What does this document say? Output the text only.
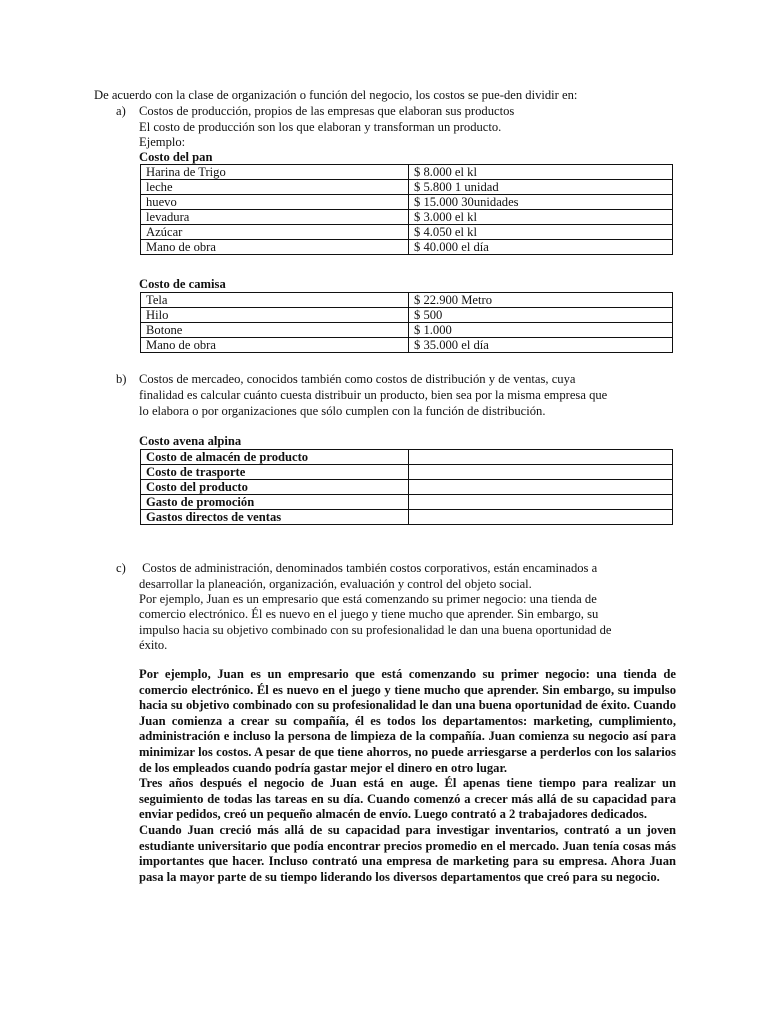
De acuerdo con la clase de organización o función del negocio, los costos se pue-den dividir en:
a)	Costos de producción, propios de las empresas que elaboran sus productos
El costo de producción son los que elaboran y transforman un producto.
Ejemplo:
Costo del pan
Harina de Trigo	$ 8.000 el kl
leche	$ 5.800 1 unidad
huevo	$ 15.000 30unidades
levadura	$ 3.000 el kl
Azúcar	$ 4.050 el kl
Mano de obra	$ 40.000 el día
Costo de camisa
Tela	$ 22.900 Metro
Hilo	$ 500
Botone	$ 1.000
Mano de obra	$ 35.000 el día
b) Costos de mercadeo, conocidos también como costos de distribución y de ventas, cuya
finalidad es calcular cuánto cuesta distribuir un producto, bien sea por la misma empresa que
lo elabora o por organizaciones que sólo cumplen con la función de distribución.
Costo avena alpina
Costo de almacén de producto	
Costo de trasporte	
Costo del producto	
Gasto de promoción	
Gastos directos de ventas	
c)	Costos de administración, denominados también costos corporativos, están encaminados a
desarrollar la planeación, organización, evaluación y control del objeto social.
Por ejemplo, Juan es un empresario que está comenzando su primer negocio: una tienda de
comercio electrónico. Él es nuevo en el juego y tiene mucho que aprender. Sin embargo, su
impulso hacia su objetivo combinado con su profesionalidad le dan una buena oportunidad de
éxito.
Por ejemplo, Juan es un empresario que está comenzando su primer negocio: una tienda de comercio electrónico. Él es nuevo en el juego y tiene mucho que aprender. Sin embargo, su impulso hacia su objetivo combinado con su profesionalidad le dan una buena oportunidad de éxito. Cuando Juan comienza a crear su compañía, él es todos los departamentos: marketing, cumplimiento, administración e incluso la persona de limpieza de la compañía. Juan comienza su negocio así para minimizar los costos. A pesar de que tiene ahorros, no puede arriesgarse a perderlos con los salarios de los empleados cuando podría gastar mejor el dinero en otro lugar.
Tres años después el negocio de Juan está en auge. Él apenas tiene tiempo para realizar un seguimiento de todas las tareas en su día. Cuando comenzó a crecer más allá de su capacidad para enviar pedidos, creó un pequeño almacén de envío. Luego contrató a 2 trabajadores dedicados.
Cuando Juan creció más allá de su capacidad para investigar inventarios, contrató a un joven estudiante universitario que podía encontrar precios promedio en el mercado. Juan tenía cosas más importantes que hacer. Incluso contrató una empresa de marketing para su empresa. Ahora Juan pasa la mayor parte de su tiempo liderando los diversos departamentos que creó para su negocio.
